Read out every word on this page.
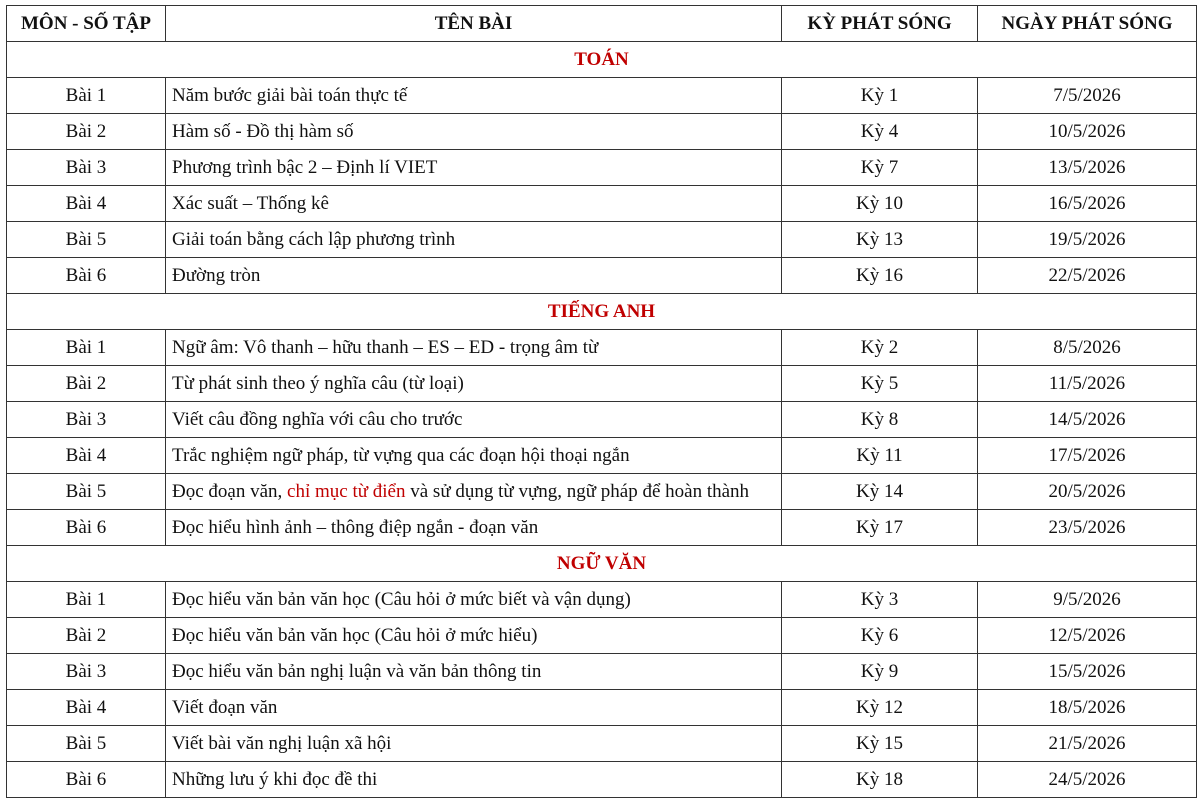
MÔN - SỐ TẬP	TÊN BÀI	KỲ PHÁT SÓNG	NGÀY PHÁT SÓNG
TOÁN			
Bài 1	Năm bước giải bài toán thực tế	Kỳ 1	7/5/2026
Bài 2	Hàm số - Đồ thị hàm số	Kỳ 4	10/5/2026
Bài 3	Phương trình bậc 2 – Định lí VIET	Kỳ 7	13/5/2026
Bài 4	Xác suất – Thống kê	Kỳ 10	16/5/2026
Bài 5	Giải toán bằng cách lập phương trình	Kỳ 13	19/5/2026
Bài 6	Đường tròn	Kỳ 16	22/5/2026
TIẾNG ANH			
Bài 1	Ngữ âm: Vô thanh – hữu thanh – ES – ED - trọng âm từ	Kỳ 2	8/5/2026
Bài 2	Từ phát sinh theo ý nghĩa câu (từ loại)	Kỳ 5	11/5/2026
Bài 3	Viết câu đồng nghĩa với câu cho trước	Kỳ 8	14/5/2026
Bài 4	Trắc nghiệm ngữ pháp, từ vựng qua các đoạn hội thoại ngắn	Kỳ 11	17/5/2026
Bài 5	Đọc đoạn văn, chỉ mục từ điển và sử dụng từ vựng, ngữ pháp để hoàn thành	Kỳ 14	20/5/2026
Bài 6	Đọc hiểu hình ảnh – thông điệp ngắn - đoạn văn	Kỳ 17	23/5/2026
NGỮ VĂN			
Bài 1	Đọc hiểu văn bản văn học (Câu hỏi ở mức biết và vận dụng)	Kỳ 3	9/5/2026
Bài 2	Đọc hiểu văn bản văn học (Câu hỏi ở mức hiểu)	Kỳ 6	12/5/2026
Bài 3	Đọc hiểu văn bản nghị luận và văn bản thông tin	Kỳ 9	15/5/2026
Bài 4	Viết đoạn văn	Kỳ 12	18/5/2026
Bài 5	Viết bài văn nghị luận xã hội	Kỳ 15	21/5/2026
Bài 6	Những lưu ý khi đọc đề thi	Kỳ 18	24/5/2026
